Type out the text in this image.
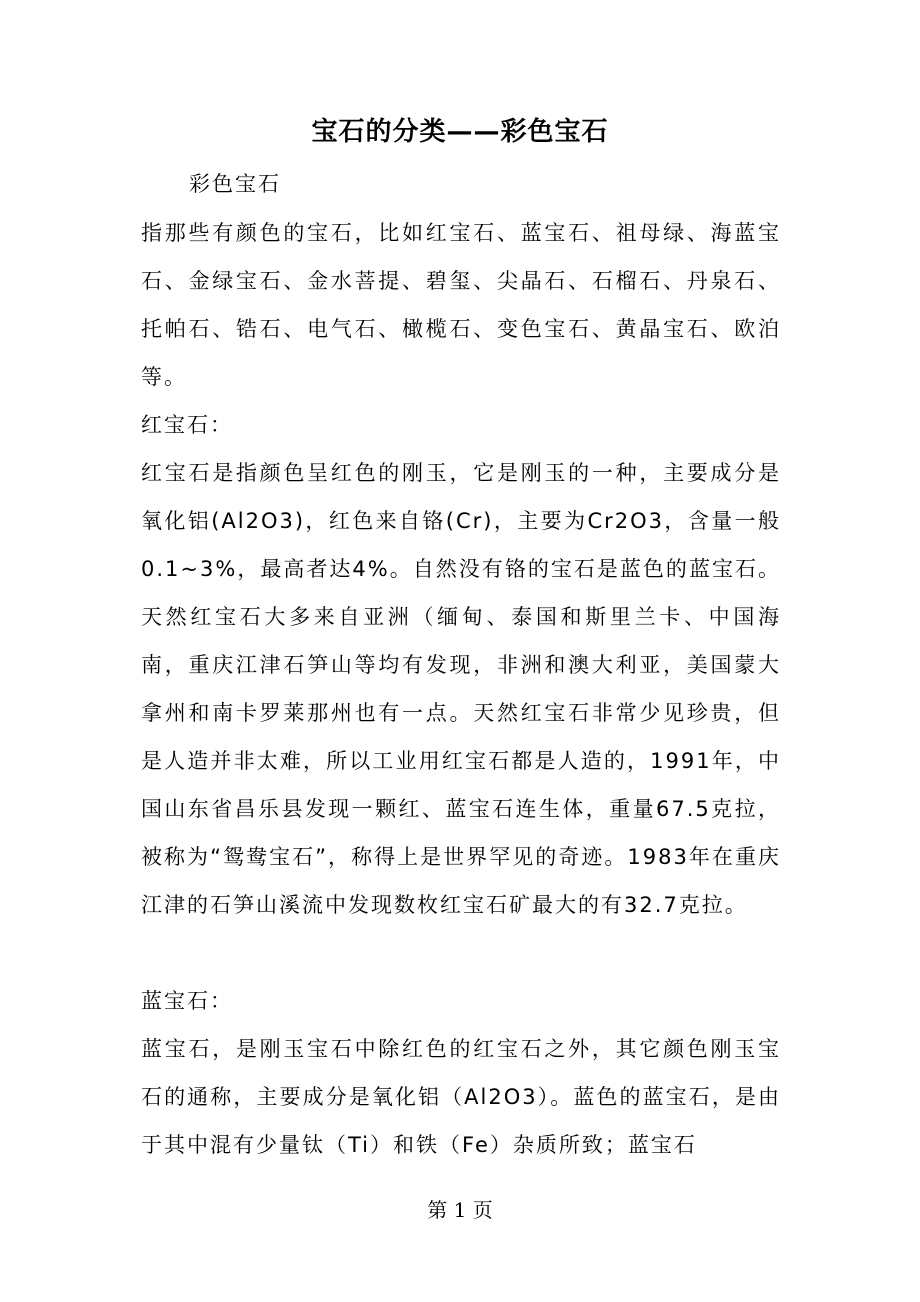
宝石的分类——彩色宝石
彩色宝石

指那些有颜色的宝石，比如红宝石、蓝宝石、祖母绿、海蓝宝石、金绿宝石、金水菩提、碧玺、尖晶石、石榴石、丹泉石、托帕石、锆石、电气石、橄榄石、变色宝石、黄晶宝石、欧泊等。

红宝石：

红宝石是指颜色呈红色的刚玉，它是刚玉的一种，主要成分是氧化铝(Al2O3)，红色来自铬(Cr)，主要为Cr2O3，含量一般0.1~3%，最高者达4%。自然没有铬的宝石是蓝色的蓝宝石。天然红宝石大多来自亚洲（缅甸、泰国和斯里兰卡、中国海南，重庆江津石笋山等均有发现，非洲和澳大利亚，美国蒙大拿州和南卡罗莱那州也有一点。天然红宝石非常少见珍贵，但是人造并非太难，所以工业用红宝石都是人造的，1991年，中国山东省昌乐县发现一颗红、蓝宝石连生体，重量67.5克拉，被称为“鸳鸯宝石”，称得上是世界罕见的奇迹。1983年在重庆江津的石笋山溪流中发现数枚红宝石矿最大的有32.7克拉。

蓝宝石：

蓝宝石，是刚玉宝石中除红色的红宝石之外，其它颜色刚玉宝石的通称，主要成分是氧化铝（Al2O3）。蓝色的蓝宝石，是由于其中混有少量钛（Ti）和铁（Fe）杂质所致；蓝宝石

第 1 页
